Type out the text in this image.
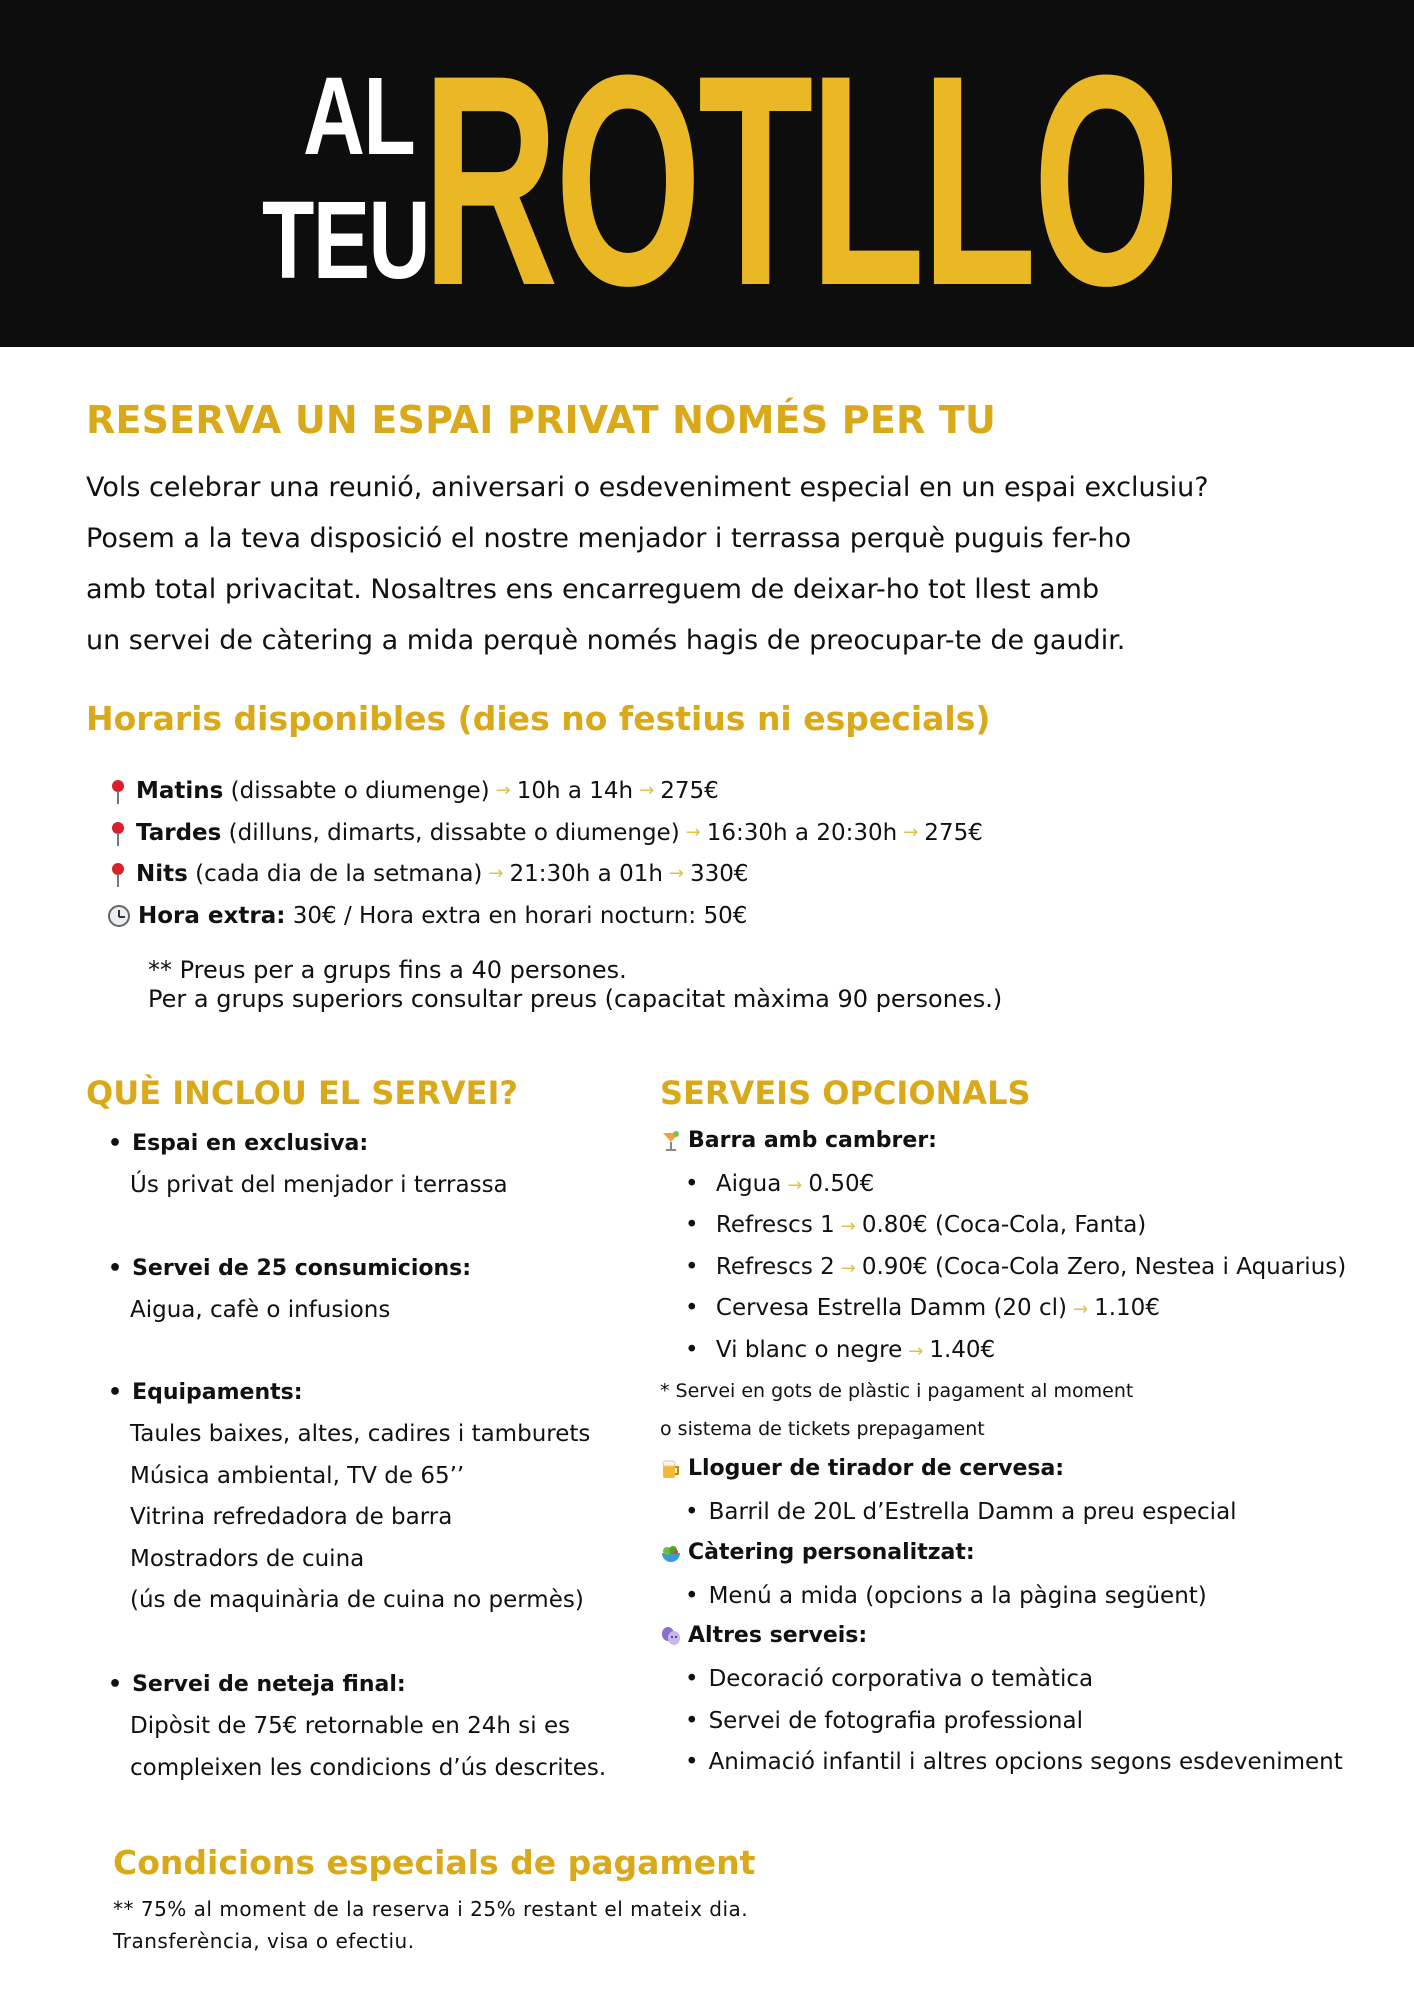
AL
TEU
ROTLLO
RESERVA UN ESPAI PRIVAT NOMÉS PER TU
Vols celebrar una reunió, aniversari o esdeveniment especial en un espai exclusiu?
Posem a la teva disposició el nostre menjador i terrassa perquè puguis fer-ho
amb total privacitat. Nosaltres ens encarreguem de deixar-ho tot llest amb
un servei de càtering a mida perquè només hagis de preocupar-te de gaudir.
Horaris disponibles (dies no festius ni especials)
Matins
(dissabte o diumenge) → 10h a 14h → 275€
Tardes
(dilluns, dimarts, dissabte o diumenge) → 16:30h a 20:30h → 275€
Nits
(cada dia de la setmana) → 21:30h a 01h → 330€
Hora extra:
30€ / Hora extra en horari nocturn: 50€
** Preus per a grups fins a 40 persones.
Per a grups superiors consultar preus (capacitat màxima 90 persones.)
QUÈ INCLOU EL SERVEI?
• Espai en exclusiva:
Ús privat del menjador i terrassa
• Servei de 25 consumicions:
Aigua, cafè o infusions
• Equipaments:
Taules baixes, altes, cadires i tamburets
Música ambiental, TV de 65’’
Vitrina refredadora de barra
Mostradors de cuina
(ús de maquinària de cuina no permès)
• Servei de neteja final:
Dipòsit de 75€ retornable en 24h si es
compleixen les condicions d’ús descrites.
SERVEIS OPCIONALS
Barra amb cambrer:
• Aigua → 0.50€
• Refrescs 1 → 0.80€ (Coca-Cola, Fanta)
• Refrescs 2 → 0.90€ (Coca-Cola Zero, Nestea i Aquarius)
• Cervesa Estrella Damm (20 cl) → 1.10€
• Vi blanc o negre → 1.40€
* Servei en gots de plàstic i pagament al moment
o sistema de tickets prepagament
Lloguer de tirador de cervesa:
• Barril de 20L d’Estrella Damm a preu especial
Càtering personalitzat:
• Menú a mida (opcions a la pàgina següent)
Altres serveis:
• Decoració corporativa o temàtica
• Servei de fotografia professional
• Animació infantil i altres opcions segons esdeveniment
Condicions especials de pagament
** 75% al moment de la reserva i 25% restant el mateix dia.
Transferència, visa o efectiu.
